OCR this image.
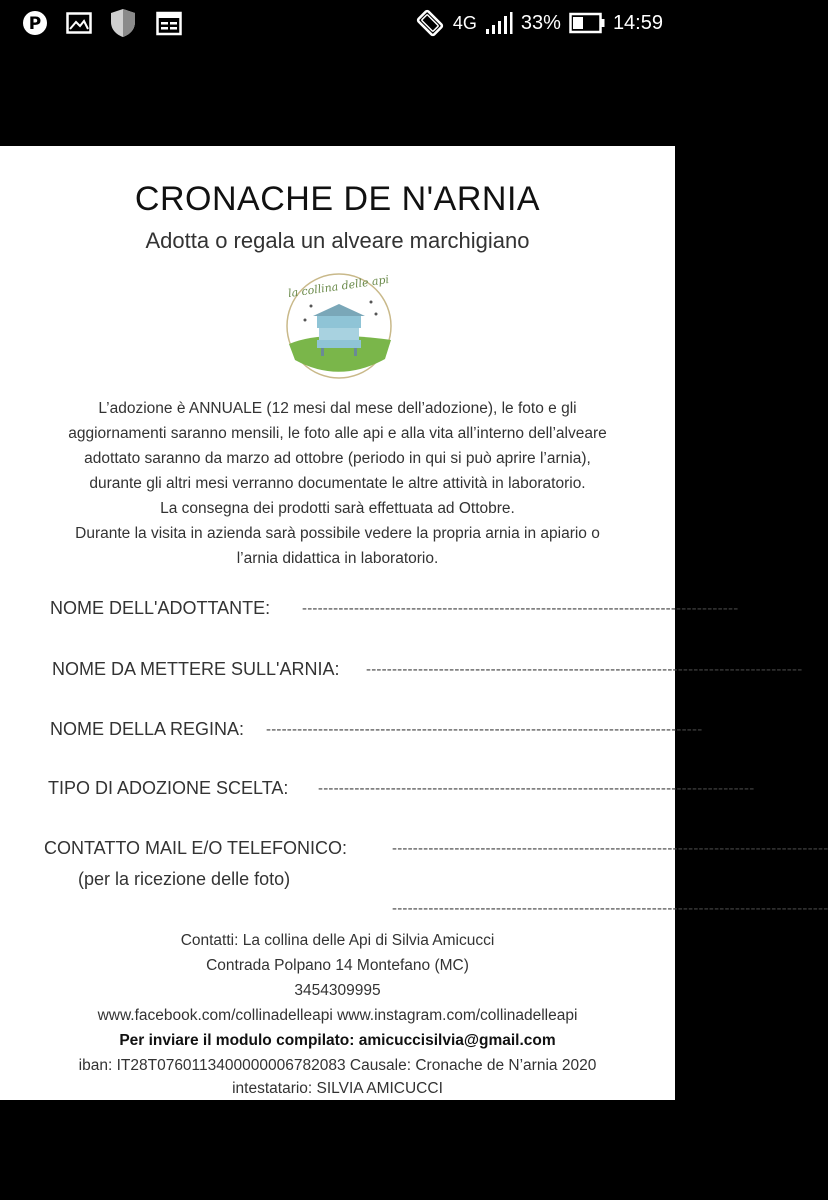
P	4G 33%	14:59
CRONACHE DE N'ARNIA
Adotta o regala un alveare marchigiano
la collina delle api
L’adozione è ANNUALE (12 mesi dal mese dell’adozione), le foto e gli
aggiornamenti saranno mensili, le foto alle api e alla vita all’interno dell’alveare
adottato saranno da marzo ad ottobre (periodo in qui si può aprire l’arnia),
durante gli altri mesi verranno documentate le altre attività in laboratorio.
La consegna dei prodotti sarà effettuata ad Ottobre.
Durante la visita in azienda sarà possibile vedere la propria arnia in apiario o
l’arnia didattica in laboratorio.
NOME DELL'ADOTTANTE: ------------------------------------------------------------------------------------
NOME DA METTERE SULL'ARNIA: ------------------------------------------------------------------------------------
NOME DELLA REGINA: ------------------------------------------------------------------------------------
TIPO DI ADOZIONE SCELTA: ------------------------------------------------------------------------------------
CONTATTO MAIL E/O TELEFONICO:	------------------------------------------------------------------------------------
(per la ricezione delle foto)
------------------------------------------------------------------------------------
Contatti: La collina delle Api di Silvia Amicucci
Contrada Polpano 14 Montefano (MC)
3454309995
www.facebook.com/collinadelleapi www.instagram.com/collinadelleapi
Per inviare il modulo compilato: amicuccisilvia@gmail.com
iban: IT28T0760113400000006782083 Causale: Cronache de N’arnia 2020
intestatario: SILVIA AMICUCCI
